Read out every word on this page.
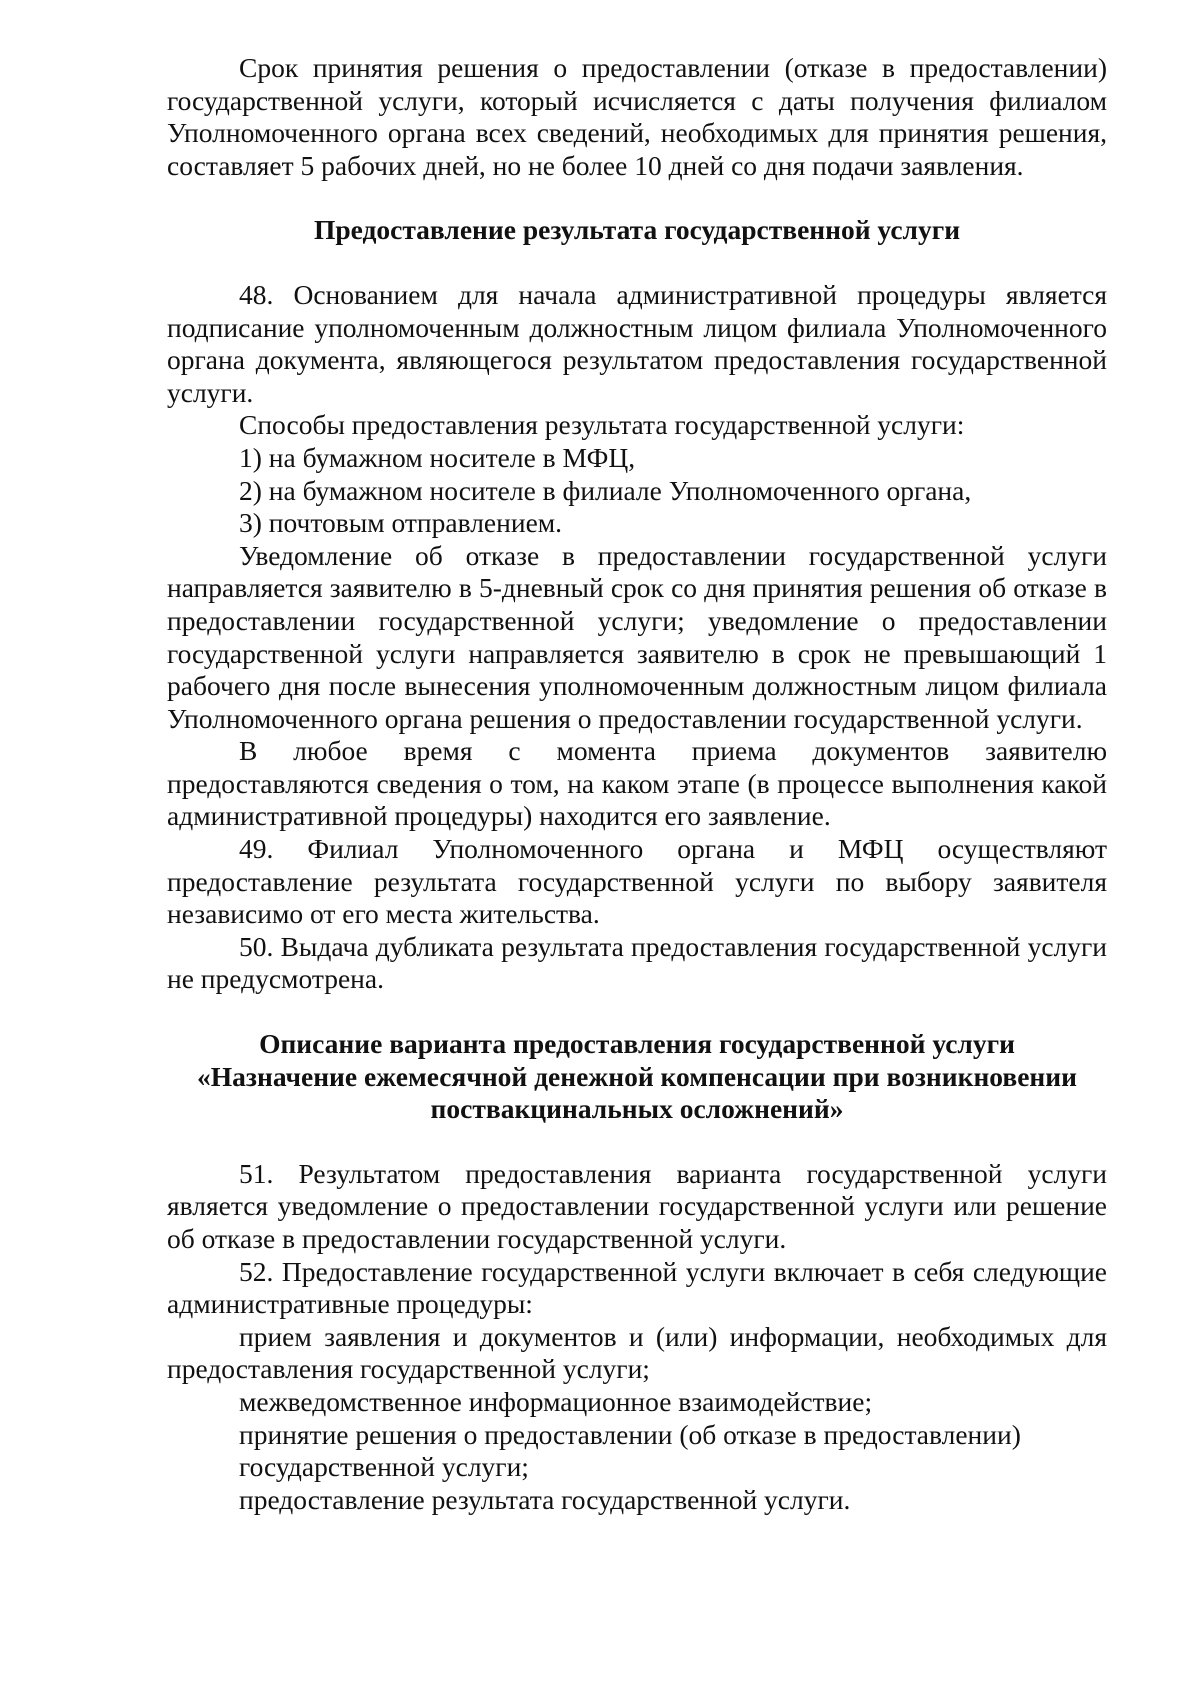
Срок принятия решения о предоставлении (отказе в предоставлении) государственной услуги, который исчисляется с даты получения филиалом Уполномоченного органа всех сведений, необходимых для принятия решения, составляет 5 рабочих дней, но не более 10 дней со дня подачи заявления.

Предоставление результата государственной услуги

48. Основанием для начала административной процедуры является подписание уполномоченным должностным лицом филиала Уполномоченного органа документа, являющегося результатом предоставления государственной услуги.

Способы предоставления результата государственной услуги:

1) на бумажном носителе в МФЦ,

2) на бумажном носителе в филиале Уполномоченного органа,

3) почтовым отправлением.

Уведомление об отказе в предоставлении государственной услуги направляется заявителю в 5-дневный срок со дня принятия решения об отказе в предоставлении государственной услуги; уведомление о предоставлении государственной услуги направляется заявителю в срок не превышающий 1 рабочего дня после вынесения уполномоченным должностным лицом филиала Уполномоченного органа решения о предоставлении государственной услуги.

В любое время с момента приема документов заявителю предоставляются сведения о том, на каком этапе (в процессе выполнения какой административной процедуры) находится его заявление.

49. Филиал Уполномоченного органа и МФЦ осуществляют предоставление результата государственной услуги по выбору заявителя независимо от его места жительства.

50. Выдача дубликата результата предоставления государственной услуги не предусмотрена.

Описание варианта предоставления государственной услуги
«Назначение ежемесячной денежной компенсации при возникновении
поствакцинальных осложнений»

51. Результатом предоставления варианта государственной услуги является уведомление о предоставлении государственной услуги или решение об отказе в предоставлении государственной услуги.

52. Предоставление государственной услуги включает в себя следующие административные процедуры:

прием заявления и документов и (или) информации, необходимых для предоставления государственной услуги;

межведомственное информационное взаимодействие;

принятие решения о предоставлении (об отказе в предоставлении)

государственной услуги;

предоставление результата государственной услуги.
